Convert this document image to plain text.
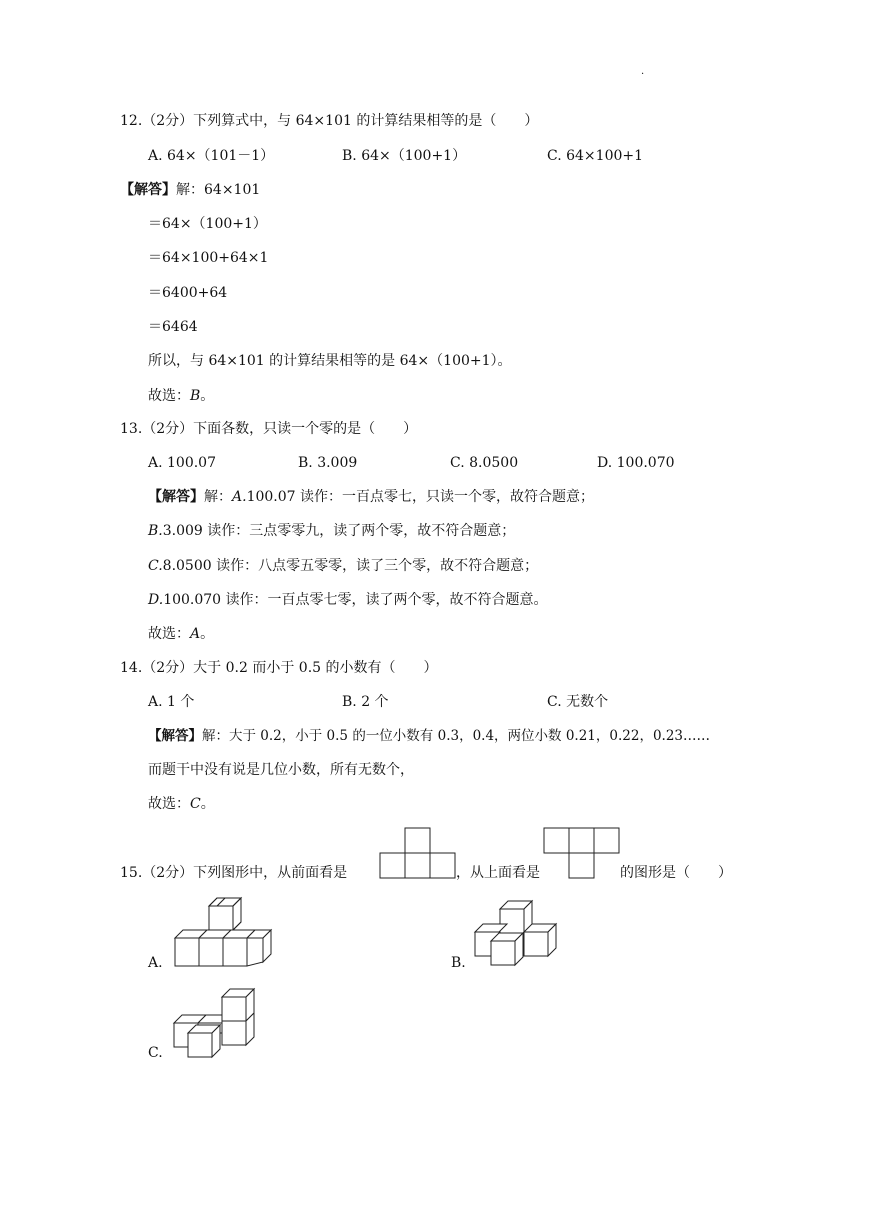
.
12.（2分）下列算式中，与 64×101 的计算结果相等的是（　　）
A. 64×（101－1）	B. 64×（100+1）	C. 64×100+1
【解答】解：64×101
＝64×（100+1）
＝64×100+64×1
＝6400+64
＝6464
所以，与 64×101 的计算结果相等的是 64×（100+1）。
故选：B。
13.（2分）下面各数，只读一个零的是（　　）
A. 100.07	B. 3.009	C. 8.0500	D. 100.070
【解答】解：A.100.07 读作：一百点零七，只读一个零，故符合题意；
B.3.009 读作：三点零零九，读了两个零，故不符合题意；
C.8.0500 读作：八点零五零零，读了三个零，故不符合题意；
D.100.070 读作：一百点零七零，读了两个零，故不符合题意。
故选：A。
14.（2分）大于 0.2 而小于 0.5 的小数有（　　）
A. 1 个	B. 2 个	C. 无数个
【解答】解：大于 0.2，小于 0.5 的一位小数有 0.3，0.4，两位小数 0.21，0.22，0.23……
而题干中没有说是几位小数，所有无数个，
故选：C。
15.（2分）下列图形中，从前面看是	，从上面看是	的图形是（　　）
A.	B.
C.
